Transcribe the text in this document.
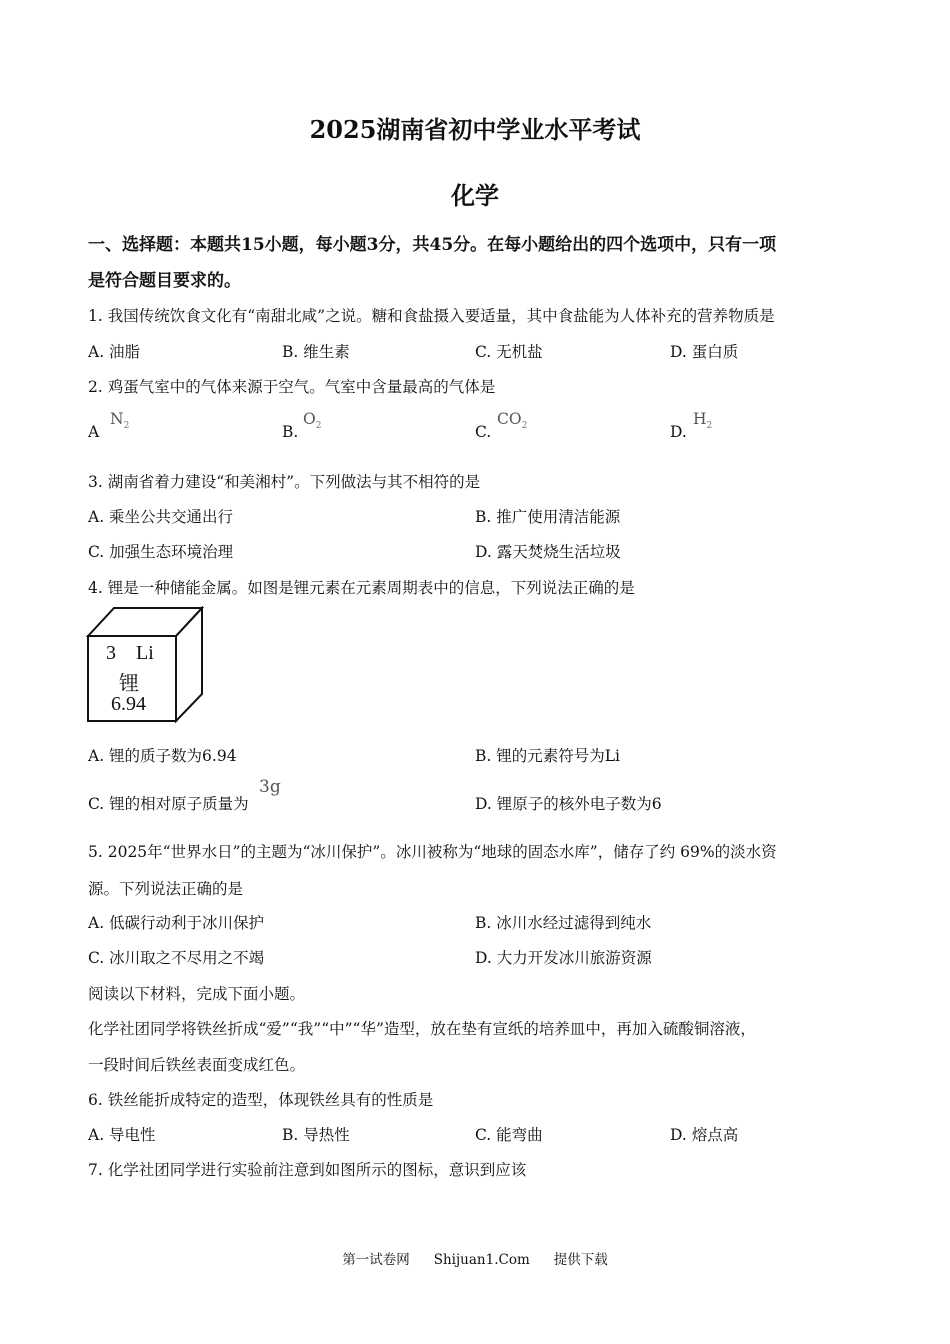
2025湖南省初中学业水平考试
化学
一、选择题：本题共15小题，每小题3分，共45分。在每小题给出的四个选项中，只有一项
是符合题目要求的。
1. 我国传统饮食文化有“南甜北咸”之说。糖和食盐摄入要适量，其中食盐能为人体补充的营养物质是
A. 油脂	B. 维生素	C. 无机盐	D. 蛋白质
2. 鸡蛋气室中的气体来源于空气。气室中含量最高的气体是
A
$N_2$	B.
$O_2$	C.
$CO_2$	D.
$H_2$
3. 湖南省着力建设“和美湘村”。下列做法与其不相符的是
A. 乘坐公共交通出行	B. 推广使用清洁能源
C. 加强生态环境治理	D. 露天焚烧生活垃圾
4. 锂是一种储能金属。如图是锂元素在元素周期表中的信息，下列说法正确的是
3 Li
锂
6.94
A. 锂的质子数为6.94	B. 锂的元素符号为Li
C. 锂的相对原子质量为
3g
D. 锂原子的核外电子数为6
5. 2025年“世界水日”的主题为“冰川保护”。冰川被称为“地球的固态水库”，储存了约 69%的淡水资
源。下列说法正确的是
A. 低碳行动利于冰川保护	B. 冰川水经过滤得到纯水
C. 冰川取之不尽用之不竭	D. 大力开发冰川旅游资源
阅读以下材料，完成下面小题。
化学社团同学将铁丝折成“爱”“我”“中”“华”造型，放在垫有宣纸的培养皿中，再加入硫酸铜溶液，
一段时间后铁丝表面变成红色。
6. 铁丝能折成特定的造型，体现铁丝具有的性质是
A. 导电性	B. 导热性	C. 能弯曲	D. 熔点高
7. 化学社团同学进行实验前注意到如图所示的图标，意识到应该
第一试卷网 Shijuan1.Com 提供下载
